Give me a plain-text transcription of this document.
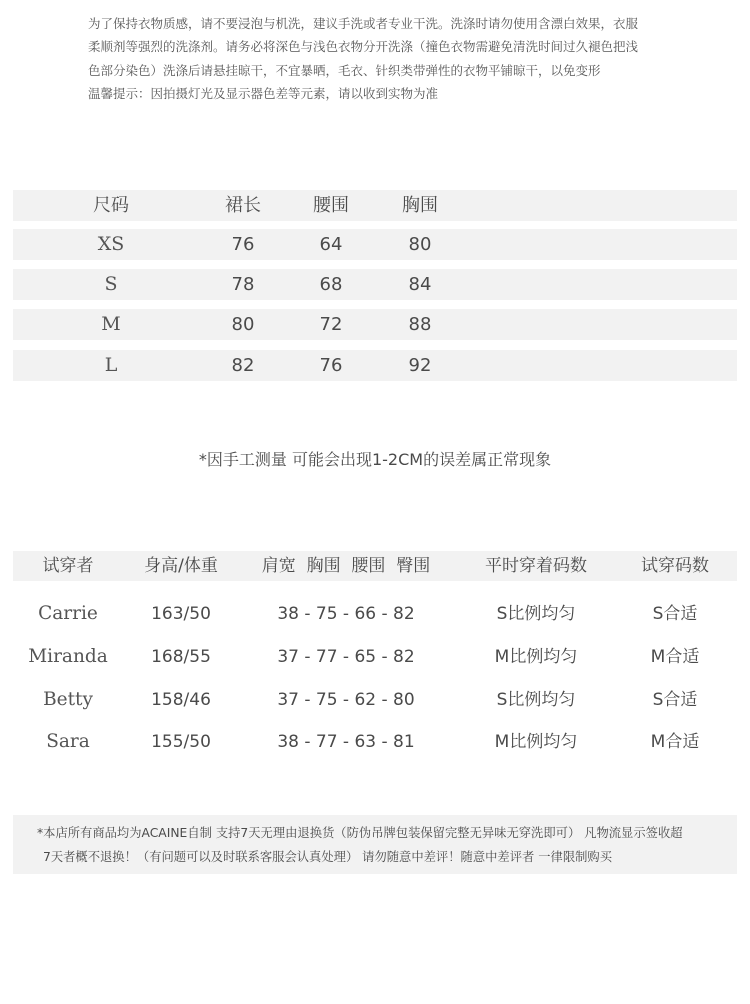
为了保持衣物质感，请不要浸泡与机洗，建议手洗或者专业干洗。洗涤时请勿使用含漂白效果，衣服

柔顺剂等强烈的洗涤剂。请务必将深色与浅色衣物分开洗涤（撞色衣物需避免清洗时间过久褪色把浅

色部分染色）洗涤后请悬挂晾干，不宜暴晒，毛衣、针织类带弹性的衣物平铺晾干，以免变形

温馨提示：因拍摄灯光及显示器色差等元素，请以收到实物为准

尺码	裙长	腰围	胸围
XS	76	64	80
S	78	68	84
M	80	72	88
L	82	76	92
*因手工测量 可能会出现1-2CM的误差属正常现象
试穿者	身高/体重	肩宽  胸围  腰围  臀围	平时穿着码数	试穿码数
Carrie	163/50	38 - 75 - 66 - 82	S比例均匀	S合适
Miranda	168/55	37 - 77 - 65 - 82	M比例均匀	M合适
Betty	158/46	37 - 75 - 62 - 80	S比例均匀	S合适
Sara	155/50	38 - 77 - 63 - 81	M比例均匀	M合适

*本店所有商品均为ACAINE自制 支持7天无理由退换货（防伪吊牌包装保留完整无异味无穿洗即可） 凡物流显示签收超

7天者概不退换！（有问题可以及时联系客服会认真处理） 请勿随意中差评！随意中差评者 一律限制购买
